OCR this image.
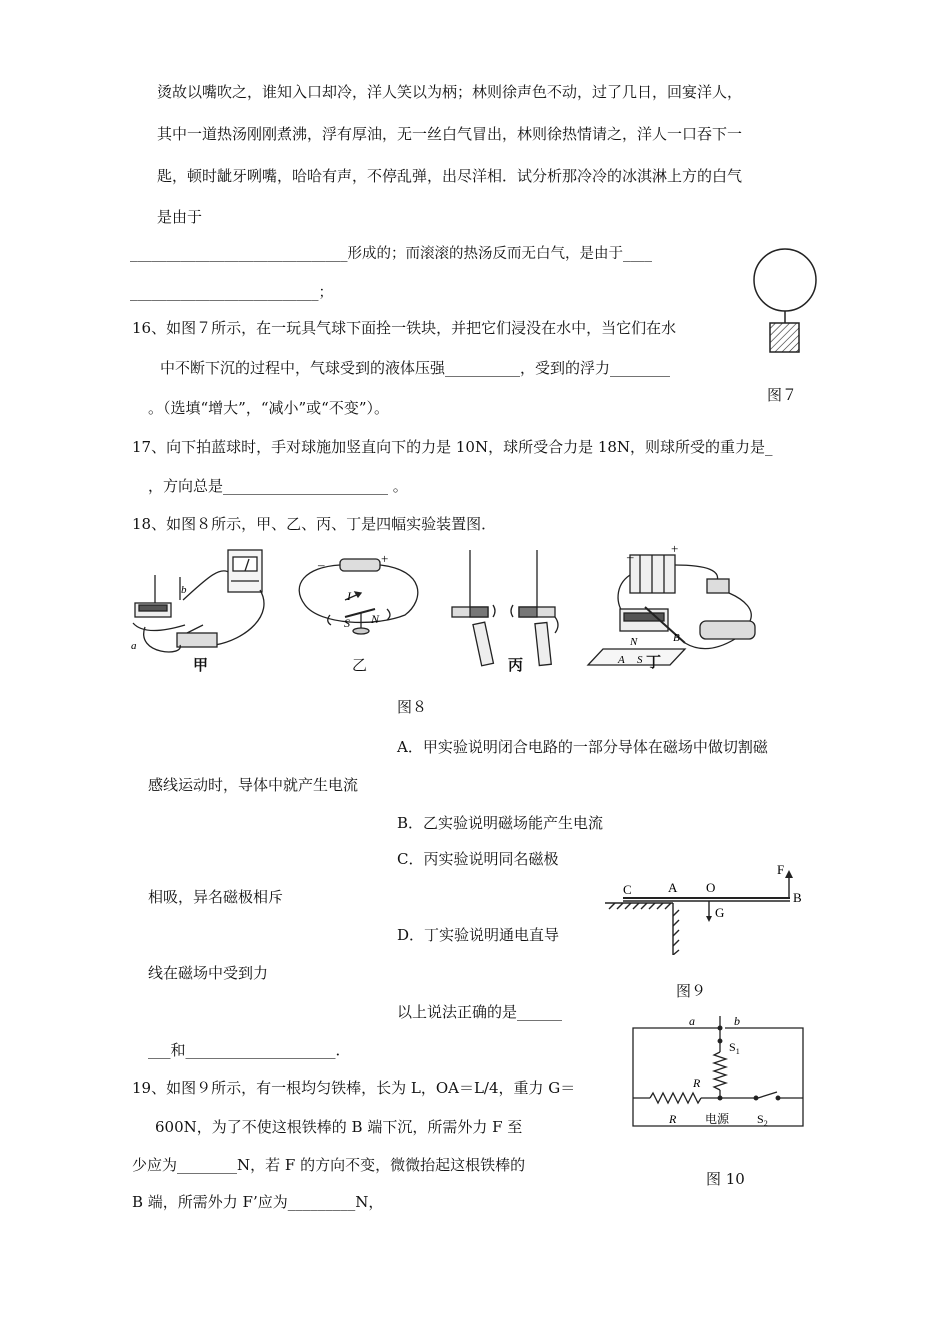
烫故以嘴吹之，谁知入口却冷，洋人笑以为柄；林则徐声色不动，过了几日，回宴洋人，
其中一道热汤刚刚煮沸，浮有厚油，无一丝白气冒出，林则徐热情请之，洋人一口吞下一
匙，顿时龇牙咧嘴，哈哈有声，不停乱弹，出尽洋相．试分析那冷冷的冰淇淋上方的白气
是由于
______________________________形成的；而滚滚的热汤反而无白气，是由于____
__________________________；
图７
16、如图７所示，在一玩具气球下面拴一铁块，并把它们浸没在水中，当它们在水
中不断下沉的过程中，气球受到的液体压强__________，受到的浮力________
。（选填“增大”，“减小”或“不变”）。
17、向下拍蓝球时，手对球施加竖直向下的力是 10N，球所受合力是 18N，则球所受的重力是_
，方向总是______________________ 。
18、如图８所示，甲、乙、丙、丁是四幅实验装置图．
a
b
–	+
I
S N
–
+
N	B
A S
甲	乙	丙	丁
图８
A．甲实验说明闭合电路的一部分导体在磁场中做切割磁
感线运动时，导体中就产生电流
B．乙实验说明磁场能产生电流
C．丙实验说明同名磁极
相吸，异名磁极相斥
D．丁实验说明通电直导
线在磁场中受到力
以上说法正确的是______
___和____________________．
C	A O
F
B
G
图９
a	b
$S_1$
R
R 电源 $S_2$
图 10
19、如图９所示，有一根均匀铁棒，长为 L，OA＝L/4，重力 G＝
600N，为了不使这根铁棒的 B 端下沉，所需外力 F 至
少应为________N，若 F 的方向不变，微微抬起这根铁棒的
B 端，所需外力 F’应为_________N，
